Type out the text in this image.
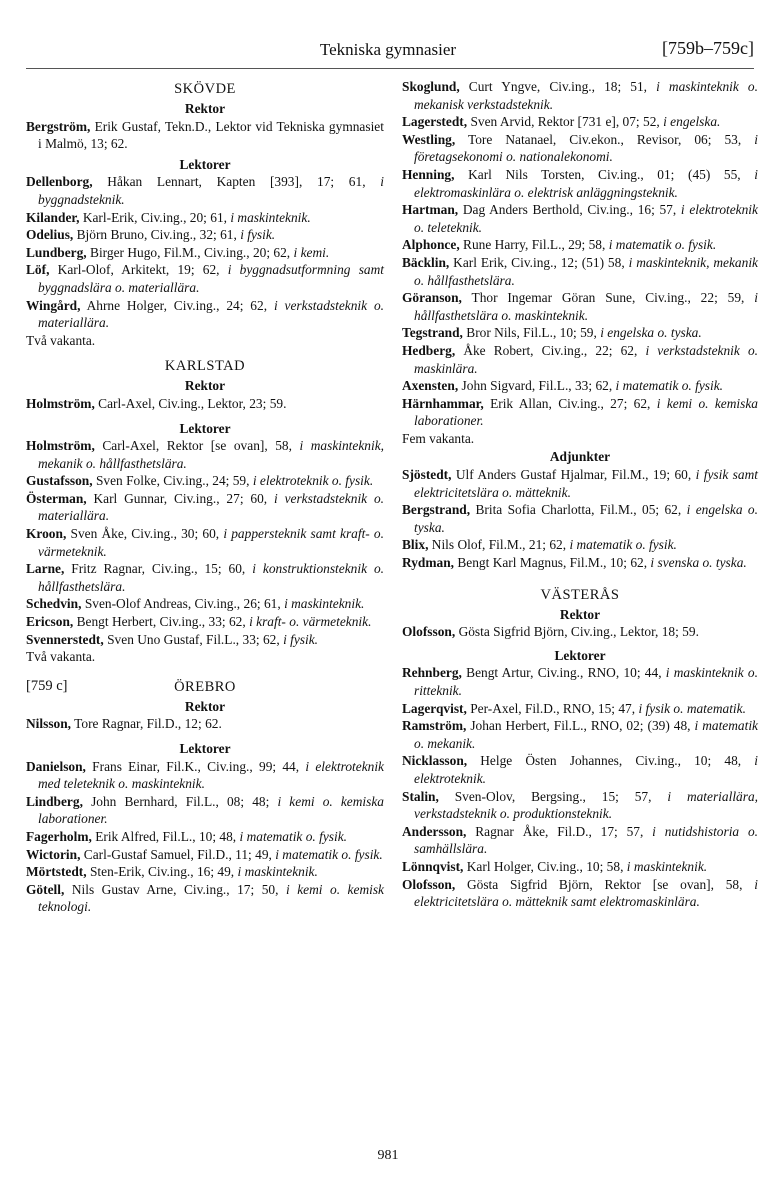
Tekniska gymnasier	[759b–759c]
SKÖVDE
Rektor
Bergström, Erik Gustaf, Tekn.D., Lektor vid Tekniska gymnasiet i Malmö, 13; 62.
Lektorer
Dellenborg, Håkan Lennart, Kapten [393], 17; 61, i byggnadsteknik.
Kilander, Karl-Erik, Civ.ing., 20; 61, i maskinteknik.
Odelius, Björn Bruno, Civ.ing., 32; 61, i fysik.
Lundberg, Birger Hugo, Fil.M., Civ.ing., 20; 62, i kemi.
Löf, Karl-Olof, Arkitekt, 19; 62, i byggnadsutformning samt byggnadslära o. materiallära.
Wingård, Ahrne Holger, Civ.ing., 24; 62, i verkstadsteknik o. materiallära.
Två vakanta.
KARLSTAD
Rektor
Holmström, Carl-Axel, Civ.ing., Lektor, 23; 59.
Lektorer
Holmström, Carl-Axel, Rektor [se ovan], 58, i maskinteknik, mekanik o. hållfasthetslära.
Gustafsson, Sven Folke, Civ.ing., 24; 59, i elektroteknik o. fysik.
Österman, Karl Gunnar, Civ.ing., 27; 60, i verkstadsteknik o. materiallära.
Kroon, Sven Åke, Civ.ing., 30; 60, i pappersteknik samt kraft- o. värmeteknik.
Larne, Fritz Ragnar, Civ.ing., 15; 60, i konstruktionsteknik o. hållfasthetslära.
Schedvin, Sven-Olof Andreas, Civ.ing., 26; 61, i maskinteknik.
Ericson, Bengt Herbert, Civ.ing., 33; 62, i kraft- o. värmeteknik.
Svennerstedt, Sven Uno Gustaf, Fil.L., 33; 62, i fysik.
Två vakanta.
[759 c]	ÖREBRO
Rektor
Nilsson, Tore Ragnar, Fil.D., 12; 62.
Lektorer
Danielson, Frans Einar, Fil.K., Civ.ing., 99; 44, i elektroteknik med teleteknik o. maskinteknik.
Lindberg, John Bernhard, Fil.L., 08; 48; i kemi o. kemiska laborationer.
Fagerholm, Erik Alfred, Fil.L., 10; 48, i matematik o. fysik.
Wictorin, Carl-Gustaf Samuel, Fil.D., 11; 49, i matematik o. fysik.
Mörtstedt, Sten-Erik, Civ.ing., 16; 49, i maskinteknik.
Götell, Nils Gustav Arne, Civ.ing., 17; 50, i kemi o. kemisk teknologi.
Skoglund, Curt Yngve, Civ.ing., 18; 51, i maskinteknik o. mekanisk verkstadsteknik.
Lagerstedt, Sven Arvid, Rektor [731 e], 07; 52, i engelska.
Westling, Tore Natanael, Civ.ekon., Revisor, 06; 53, i företagsekonomi o. nationalekonomi.
Henning, Karl Nils Torsten, Civ.ing., 01; (45) 55, i elektromaskinlära o. elektrisk anläggningsteknik.
Hartman, Dag Anders Berthold, Civ.ing., 16; 57, i elektroteknik o. teleteknik.
Alphonce, Rune Harry, Fil.L., 29; 58, i matematik o. fysik.
Bäcklin, Karl Erik, Civ.ing., 12; (51) 58, i maskinteknik, mekanik o. hållfasthetslära.
Göranson, Thor Ingemar Göran Sune, Civ.ing., 22; 59, i hållfasthetslära o. maskinteknik.
Tegstrand, Bror Nils, Fil.L., 10; 59, i engelska o. tyska.
Hedberg, Åke Robert, Civ.ing., 22; 62, i verkstadsteknik o. maskinlära.
Axensten, John Sigvard, Fil.L., 33; 62, i matematik o. fysik.
Härnhammar, Erik Allan, Civ.ing., 27; 62, i kemi o. kemiska laborationer.
Fem vakanta.
Adjunkter
Sjöstedt, Ulf Anders Gustaf Hjalmar, Fil.M., 19; 60, i fysik samt elektricitetslära o. mätteknik.
Bergstrand, Brita Sofia Charlotta, Fil.M., 05; 62, i engelska o. tyska.
Blix, Nils Olof, Fil.M., 21; 62, i matematik o. fysik.
Rydman, Bengt Karl Magnus, Fil.M., 10; 62, i svenska o. tyska.
VÄSTERÅS
Rektor
Olofsson, Gösta Sigfrid Björn, Civ.ing., Lektor, 18; 59.
Lektorer
Rehnberg, Bengt Artur, Civ.ing., RNO, 10; 44, i maskinteknik o. ritteknik.
Lagerqvist, Per-Axel, Fil.D., RNO, 15; 47, i fysik o. matematik.
Ramström, Johan Herbert, Fil.L., RNO, 02; (39) 48, i matematik o. mekanik.
Nicklasson, Helge Östen Johannes, Civ.ing., 10; 48, i elektroteknik.
Stalin, Sven-Olov, Bergsing., 15; 57, i materiallära, verkstadsteknik o. produktionsteknik.
Andersson, Ragnar Åke, Fil.D., 17; 57, i nutidshistoria o. samhällslära.
Lönnqvist, Karl Holger, Civ.ing., 10; 58, i maskinteknik.
Olofsson, Gösta Sigfrid Björn, Rektor [se ovan], 58, i elektricitetslära o. mätteknik samt elektromaskinlära.
981
